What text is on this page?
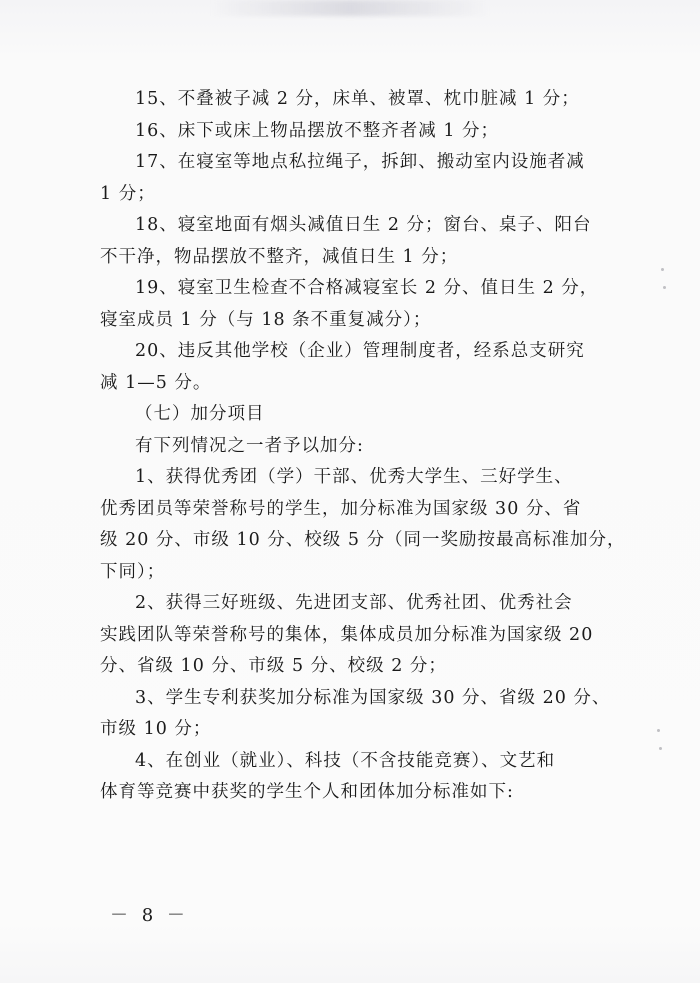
15、不叠被子减 2 分，床单、被罩、枕巾脏减 1 分；
16、床下或床上物品摆放不整齐者减 1 分；
17、在寝室等地点私拉绳子，拆卸、搬动室内设施者减
1 分；
18、寝室地面有烟头减值日生 2 分；窗台、桌子、阳台
不干净，物品摆放不整齐，减值日生 1 分；
19、寝室卫生检查不合格减寝室长 2 分、值日生 2 分，
寝室成员 1 分（与 18 条不重复减分）；
20、违反其他学校（企业）管理制度者，经系总支研究
减 1—5 分。
（七）加分项目
有下列情况之一者予以加分:
1、获得优秀团（学）干部、优秀大学生、三好学生、
优秀团员等荣誉称号的学生，加分标准为国家级 30 分、省
级 20 分、市级 10 分、校级 5 分（同一奖励按最高标准加分，
下同）；
2、获得三好班级、先进团支部、优秀社团、优秀社会
实践团队等荣誉称号的集体，集体成员加分标准为国家级 20
分、省级 10 分、市级 5 分、校级 2 分；
3、学生专利获奖加分标准为国家级 30 分、省级 20 分、
市级 10 分；
4、在创业（就业）、科技（不含技能竞赛）、文艺和
体育等竞赛中获奖的学生个人和团体加分标准如下:
－ 8 －
